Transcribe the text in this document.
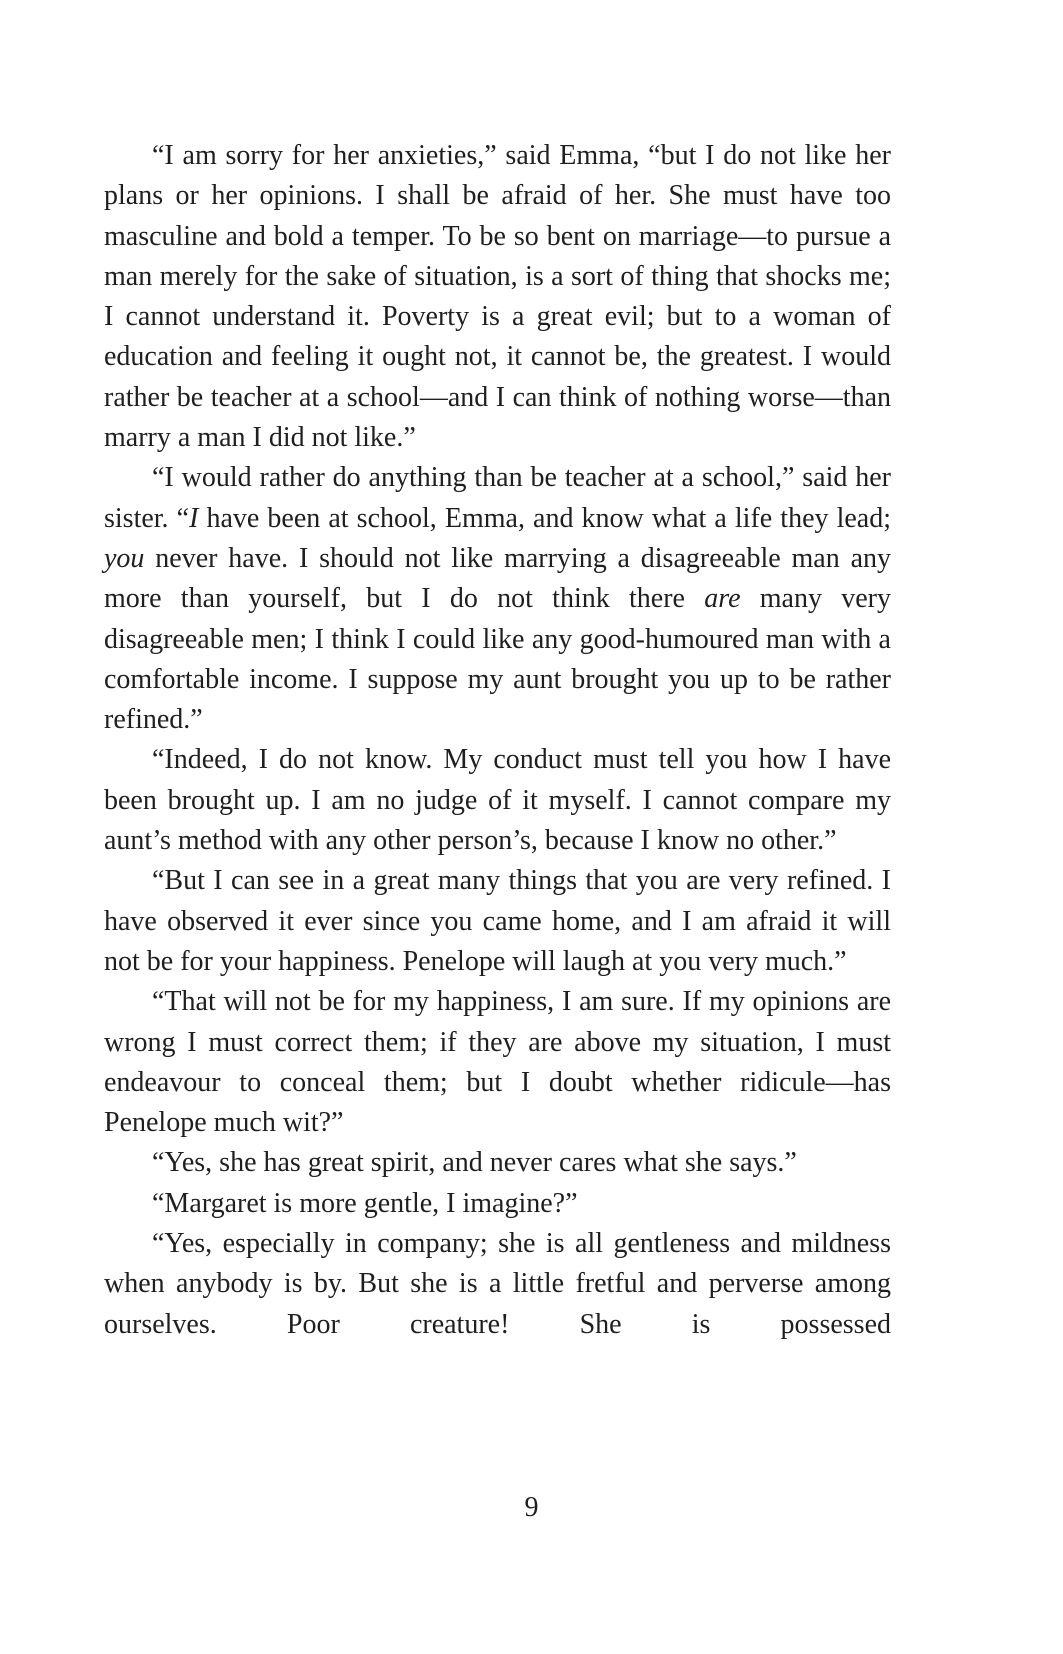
“I am sorry for her anxieties,” said Emma, “but I do not like her plans or her opinions. I shall be afraid of her. She must have too masculine and bold a temper. To be so bent on marriage—to pursue a man merely for the sake of situation, is a sort of thing that shocks me; I cannot understand it. Poverty is a great evil; but to a woman of education and feeling it ought not, it cannot be, the greatest. I would rather be teacher at a school—and I can think of nothing worse—than marry a man I did not like.”

“I would rather do anything than be teacher at a school,” said her sister. “I have been at school, Emma, and know what a life they lead; you never have. I should not like marrying a disagreeable man any more than yourself, but I do not think there are many very disagreeable men; I think I could like any good-humoured man with a comfortable income. I suppose my aunt brought you up to be rather refined.”

“Indeed, I do not know. My conduct must tell you how I have been brought up. I am no judge of it myself. I cannot compare my aunt’s method with any other person’s, because I know no other.”

“But I can see in a great many things that you are very refined. I have observed it ever since you came home, and I am afraid it will not be for your happiness. Penelope will laugh at you very much.”

“That will not be for my happiness, I am sure. If my opinions are wrong I must correct them; if they are above my situation, I must endeavour to conceal them; but I doubt whether ridicule—has Penelope much wit?”

“Yes, she has great spirit, and never cares what she says.”

“Margaret is more gentle, I imagine?”

“Yes, especially in company; she is all gentleness and mildness when anybody is by. But she is a little fretful and perverse among ourselves. Poor creature! She is possessed

9
